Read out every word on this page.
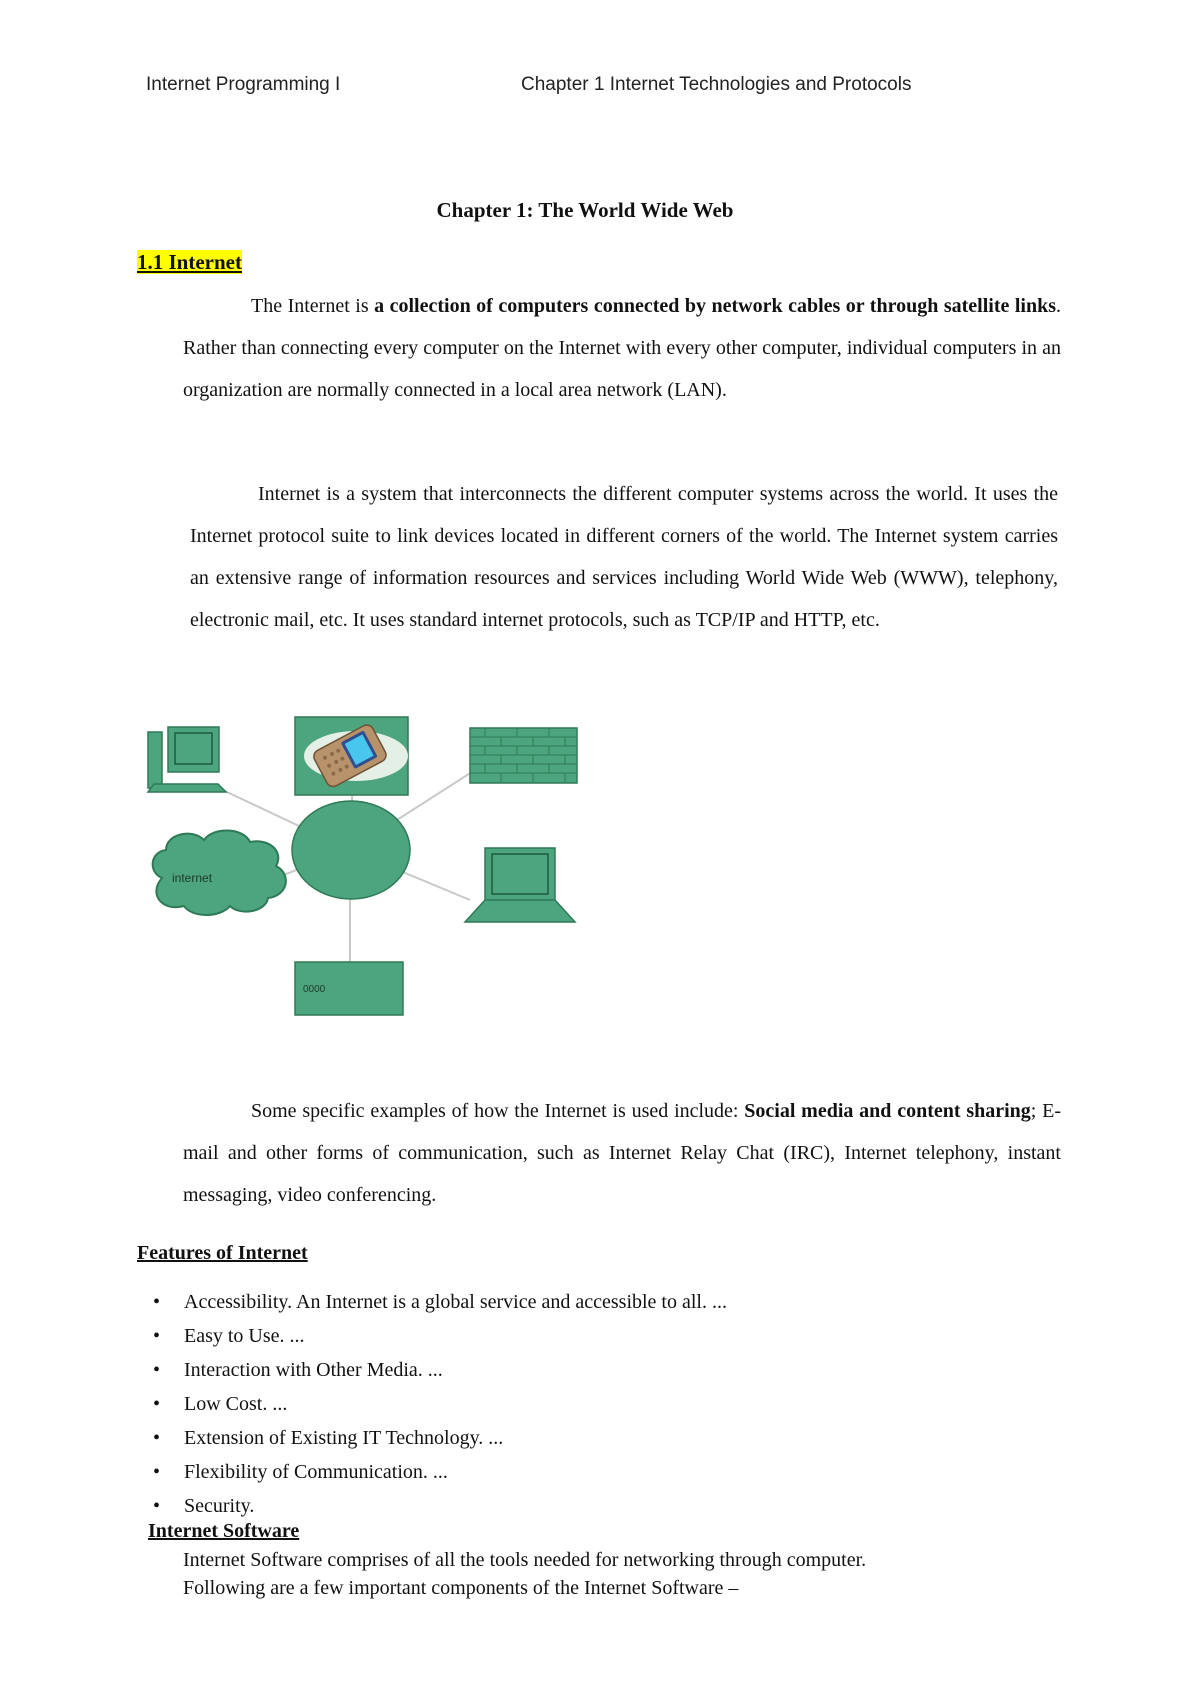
Internet Programming I	Chapter 1 Internet Technologies and Protocols
Chapter 1: The World Wide Web
1.1 Internet
The Internet is a collection of computers connected by network cables or through satellite links. Rather than connecting every computer on the Internet with every other computer, individual computers in an organization are normally connected in a local area network (LAN).
Internet is a system that interconnects the different computer systems across the world. It uses the Internet protocol suite to link devices located in different corners of the world. The Internet system carries an extensive range of information resources and services including World Wide Web (WWW), telephony, electronic mail, etc. It uses standard internet protocols, such as TCP/IP and HTTP, etc.
internet
0000
Some specific examples of how the Internet is used include: Social media and content sharing; E-mail and other forms of communication, such as Internet Relay Chat (IRC), Internet telephony, instant messaging, video conferencing.
Features of Internet
• Accessibility. An Internet is a global service and accessible to all. ...
• Easy to Use. ...
• Interaction with Other Media. ...
• Low Cost. ...
• Extension of Existing IT Technology. ...
• Flexibility of Communication. ...
• Security.
Internet Software
Internet Software comprises of all the tools needed for networking through computer.
Following are a few important components of the Internet Software –
